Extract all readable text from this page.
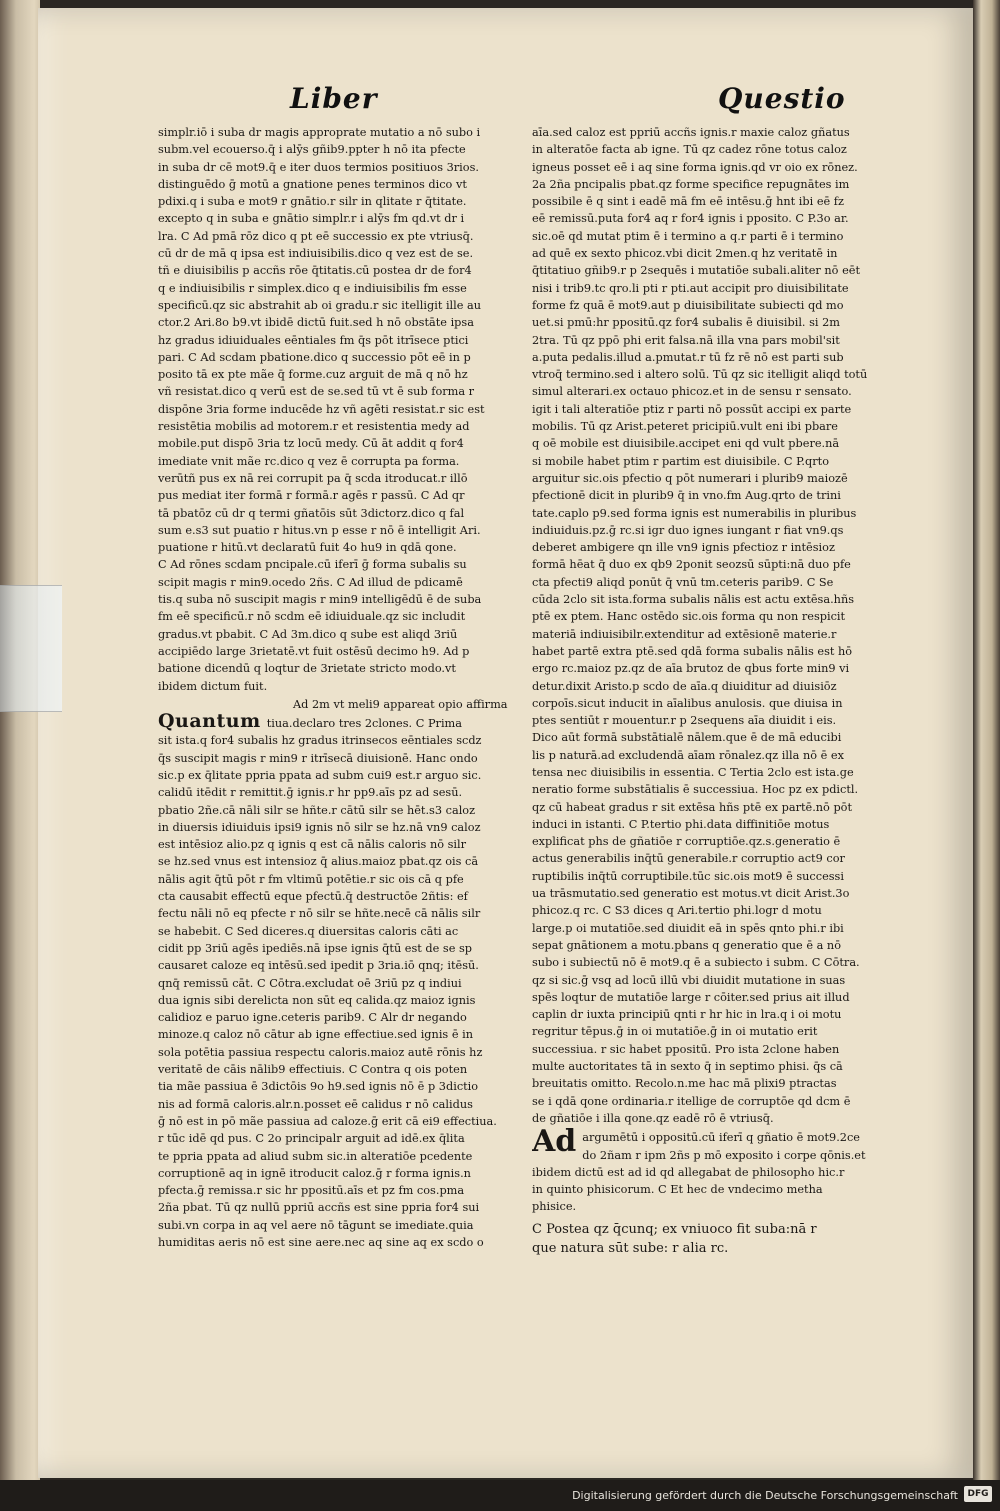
Liber	Questio
simplr.iō i suba dr magis approprate mutatio a nō subo i
subm.vel ecouerso.q̄ i alȳs gñib9.ppter h nō ita pfecte
in suba dr cē mot9.q̄ e iter duos termios positiuos 3rios.
distinguēdo ḡ motū a gnatione penes terminos dico vt
pdixi.q i suba e mot9 r gnātio.r silr in qlitate r q̄titate.
excepto q in suba e gnātio simplr.r i alȳs fm qd.vt dr i
lra. C Ad pmā rōz dico q pt eē successio ex pte vtriusq̄.
cū dr de mā q ipsa est indiuisibilis.dico q vez est de se.
tñ e diuisibilis p accñs rōe q̄titatis.cū postea dr de for4
q e indiuisibilis r simplex.dico q e indiuisibilis fm esse
specificū.qz sic abstrahit ab oi gradu.r sic itelligit ille au
ctor.2 Ari.8o b9.vt ibidē dictū fuit.sed h nō obstāte ipsa
hz gradus idiuiduales eēntiales fm q̄s pōt itrīsece ptici
pari. C Ad scdam pbatione.dico q successio pōt eē in p
posito tā ex pte mãe q̄ forme.cuz arguit de mā q nō hz
vñ resistat.dico q verū est de se.sed tū vt ē sub forma r
dispōne 3ria forme inducēde hz vñ agēti resistat.r sic est
resistētia mobilis ad motorem.r et resistentia medy ad
mobile.put dispō 3ria tz locū medy. Cū āt addit q for4
imediate vnit mãe rc.dico q vez ē corrupta pa forma.
verūtñ pus ex nā rei corrupit pa q̄ scda itroducat.r illō
pus mediat iter formā r formā.r agēs r passū. C Ad qr
tā pbatōz cū dr q termi gñatōis sūt 3dictorz.dico q fal
sum e.s3 sut puatio r hitus.vn p esse r nō ē intelligit Ari.
puatione r hitū.vt declaratū fuit 4o hu9 in qdā qone.
C Ad rōnes scdam pncipale.cū iferī ḡ forma subalis su
scipit magis r min9.ocedo 2ñs. C Ad illud de pdicamē
tis.q suba nō suscipit magis r min9 intelligēdū ē de suba
fm eē specificū.r nō scdm eē idiuiduale.qz sic includit
gradus.vt pbabit. C Ad 3m.dico q sube est aliqd 3riū
accipiēdo large 3rietatē.vt fuit ostēsū decimo h9. Ad p
batione dicendū q loqtur de 3rietate stricto modo.vt
ibidem dictum fuit.
Ad 2m vt meli9 appareat opio affirma
Quantum tiua.declaro tres 2clones. C Prima
sit ista.q for4 subalis hz gradus itrinsecos eēntiales scdz
q̄s suscipit magis r min9 r itrīsecā diuisionē. Hanc ondo
sic.p ex q̄litate ppria ppata ad subm cui9 est.r arguo sic.
calidū itēdit r remittit.ḡ ignis.r hr pp9.aīs pz ad sesū.
pbatio 2ñe.cā nāli silr se hñte.r cātū silr se hēt.s3 caloz
in diuersis idiuiduis ipsi9 ignis nō silr se hz.nā vn9 caloz
est intēsioz alio.pz q ignis q est cā nālis caloris nō silr
se hz.sed vnus est intensioz q̄ alius.maioz pbat.qz ois cā
nālis agit q̄tū pōt r fm vltimū potētie.r sic ois cā q pfe
cta causabit effectū eque pfectū.q̄ destructōe 2ñtis: ef
fectu nāli nō eq pfecte r nō silr se hñte.necē cā nālis silr
se habebit. C Sed diceres.q diuersitas caloris cāti ac
cidit pp 3riū agēs ipediēs.nā ipse ignis q̄tū est de se sp
causaret caloze eq intēsū.sed ipedit p 3ria.iō qnq; itēsū.
qnq̄ remissū cāt. C Cōtra.excludat oē 3riū pz q indiui
dua ignis sibi derelicta non sūt eq calida.qz maioz ignis
calidioz e paruo igne.ceteris parib9. C Alr dr negando
minoze.q caloz nō cātur ab igne effectiue.sed ignis ē in
sola potētia passiua respectu caloris.maioz autē rōnis hz
veritatē de cāis nālib9 effectiuis. C Contra q ois poten
tia mãe passiua ē 3dictōis 9o h9.sed ignis nō ē p 3dictio
nis ad formā caloris.alr.n.posset eē calidus r nō calidus
ḡ nō est in pō mãe passiua ad caloze.ḡ erit cā ei9 effectiua.
r tūc idē qd pus. C 2o principalr arguit ad idē.ex q̄lita
te ppria ppata ad aliud subm sic.in alteratiōe pcedente
corruptionē aq in ignē itroducit caloz.ḡ r forma ignis.n
pfecta.ḡ remissa.r sic hr ppositū.aīs et pz fm cos.pma
2ña pbat. Tū qz nullū ppriū accñs est sine ppria for4 sui
subi.vn corpa in aq vel aere nō tāgunt se imediate.quia
humiditas aeris nō est sine aere.nec aq sine aq ex scdo o
aīa.sed caloz est ppriū accñs ignis.r maxie caloz gñatus
in alteratōe facta ab igne. Tū qz cadez rōne totus caloz
igneus posset eē i aq sine forma ignis.qd vr oio ex rōnez.
2a 2ña pncipalis pbat.qz forme specifice repugnātes im
possibile ē q sint i eadē mā fm eē intēsu.ḡ hnt ibi eē fz
eē remissū.puta for4 aq r for4 ignis i pposito. C P.3o ar.
sic.oē qd mutat ptim ē i termino a q.r parti ē i termino
ad quē ex sexto phicoz.vbi dicit 2men.q hz veritatē in
q̄titatiuo gñib9.r p 2sequēs i mutatiōe subali.aliter nō eēt
nisi i trib9.tc qro.li pti r pti.aut accipit pro diuisibilitate
forme fz quā ē mot9.aut p diuisibilitate subiecti qd mo
uet.si pmū:hr ppositū.qz for4 subalis ē diuisibil. si 2m
2tra. Tū qz ppō phi erit falsa.nā illa vna pars mobil'sit
a.puta pedalis.illud a.pmutat.r tū fz rē nō est parti sub
vtroq̄ termino.sed i altero solū. Tū qz sic itelligit aliqd totū
simul alterari.ex octauo phicoz.et in de sensu r sensato.
igit i tali alteratiōe ptiz r parti nō possūt accipi ex parte
mobilis. Tū qz Arist.peteret pricipiū.vult eni ibi pbare
q oē mobile est diuisibile.accipet eni qd vult pbere.nā
si mobile habet ptim r partim est diuisibile. C P.qrto
arguitur sic.ois pfectio q pōt numerari i plurib9 maiozē
pfectionē dicit in plurib9 q̄ in vno.fm Aug.qrto de trini
tate.caplo p9.sed forma ignis est numerabilis in pluribus
indiuiduis.pz.ḡ rc.si igr duo ignes iungant r fiat vn9.qs
deberet ambigere qn ille vn9 ignis pfectioz r intēsioz
formā hēat q̄ duo ex qb9 2ponit seozsū sūpti:nā duo pfe
cta pfecti9 aliqd ponūt q̄ vnū tm.ceteris parib9. C Se
cūda 2clo sit ista.forma subalis nālis est actu extēsa.hñs
ptē ex ptem. Hanc ostēdo sic.ois forma qu non respicit
materiā indiuisibilr.extenditur ad extēsionē materie.r
habet partē extra ptē.sed qdā forma subalis nālis est hō
ergo rc.maioz pz.qz de aīa brutoz de qbus forte min9 vi
detur.dixit Aristo.p scdo de aīa.q diuiditur ad diuisiōz
corpoīs.sicut inducit in aīalibus anulosis. que diuisa in
ptes sentiūt r mouentur.r p 2sequens aīa diuidit i eis.
Dico aūt formā substātialē nālem.que ē de mā educibi
lis p naturā.ad excludendā aīam rōnalez.qz illa nō ē ex
tensa nec diuisibilis in essentia. C Tertia 2clo est ista.ge
neratio forme substātialis ē successiua. Hoc pz ex pdictl.
qz cū habeat gradus r sit extēsa hñs ptē ex partē.nō pōt
induci in istanti. C P.tertio phi.data diffinitiōe motus
explificat phs de gñatiōe r corruptiōe.qz.s.generatio ē
actus generabilis inq̄tū generabile.r corruptio act9 cor
ruptibilis inq̄tū corruptibile.tūc sic.ois mot9 ē successi
ua trāsmutatio.sed generatio est motus.vt dicit Arist.3o
phicoz.q rc. C S3 dices q Ari.tertio phi.logr d motu
large.p oi mutatiōe.sed diuidit eā in spēs qnto phi.r ibi
sepat gnātionem a motu.pbans q generatio que ē a nō
subo i subiectū nō ē mot9.q ē a subiecto i subm. C Cōtra.
qz si sic.ḡ vsq ad locū illū vbi diuidit mutatione in suas
spēs loqtur de mutatiōe large r cōiter.sed prius ait illud
caplin dr iuxta principiū qnti r hr hic in lra.q i oi motu
regritur tēpus.ḡ in oi mutatiōe.ḡ in oi mutatio erit
successiua. r sic habet ppositū. Pro ista 2clone haben
multe auctoritates tā in sexto q̄ in septimo phisi. q̄s cā
breuitatis omitto. Recolo.n.me hac mā plixi9 ptractas
se i qdā qone ordinaria.r itellige de corruptōe qd dcm ē
de gñatiōe i illa qone.qz eadē rō ē vtriusq̄.
Ad argumētū i oppositū.cū iferī q gñatio ē mot9.2ce
do 2ñam r ipm 2ñs p mō exposito i corpe qōnis.et
ibidem dictū est ad id qd allegabat de philosopho hic.r
in quinto phisicorum. C Et hec de vndecimo metha
phisice.
C Postea qz q̄cunq; ex vniuoco fit suba:nā r
que natura sūt sube: r alia rc.
Digitalisierung gefördert durch die Deutsche Forschungsgemeinschaft	DFG
